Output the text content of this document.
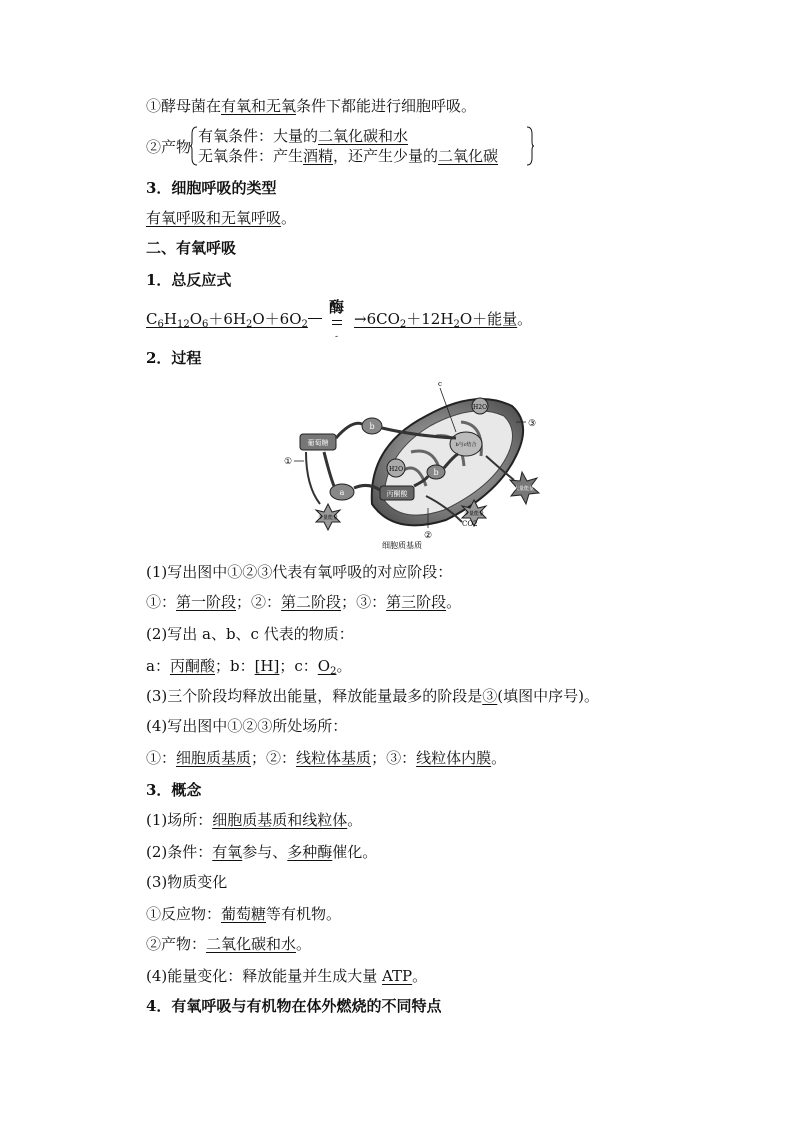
①酵母菌在有氧和无氧条件下都能进行细胞呼吸。
②产物
有氧条件：大量的二氧化碳和水
无氧条件：产生酒精，还产生少量的二氧化碳
3．细胞呼吸的类型
有氧呼吸和无氧呼吸。
二、有氧呼吸
1．总反应式
$C_6H_{12}O_6+6H_2O+6O_2$
酶
-
$\to 6CO_2+12H_2O+$能量。
2．过程
葡萄糖
a
b
丙酮酸
H2O	b
b与c结合
H2O
c
少量能量
少量能量
大量能量
CO2
①
②
③
细胞质基质
(1)写出图中①②③代表有氧呼吸的对应阶段：
①：第一阶段；②：第二阶段；③：第三阶段。
(2)写出 a、b、c 代表的物质：
a：丙酮酸；b：[H]；c：$O_2$。
(3)三个阶段均释放出能量，释放能量最多的阶段是③(填图中序号)。
(4)写出图中①②③所处场所：
①：细胞质基质；②：线粒体基质；③：线粒体内膜。
3．概念
(1)场所：细胞质基质和线粒体。
(2)条件：有氧参与、多种酶催化。
(3)物质变化
①反应物：葡萄糖等有机物。
②产物：二氧化碳和水。
(4)能量变化：释放能量并生成大量 ATP。
4．有氧呼吸与有机物在体外燃烧的不同特点
